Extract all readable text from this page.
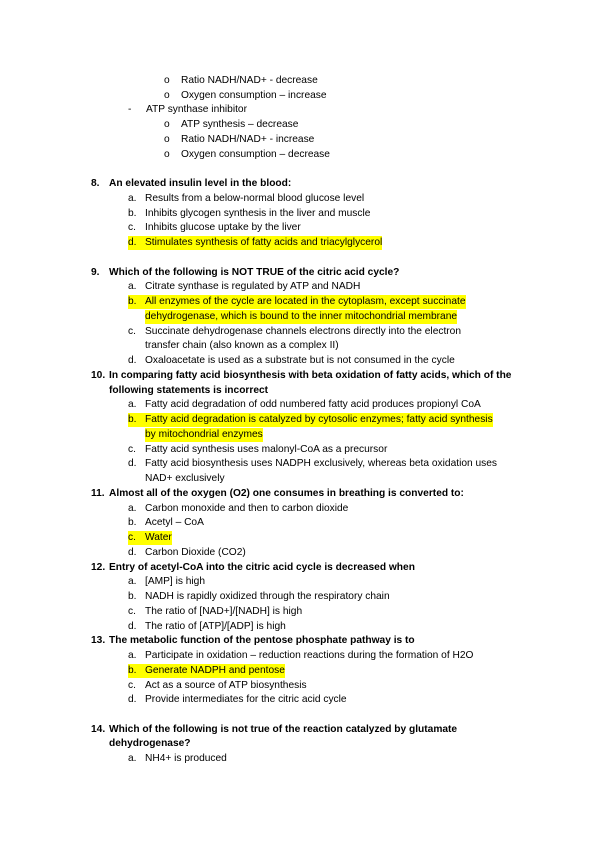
o Ratio NADH/NAD+ - decrease
o Oxygen consumption – increase
- ATP synthase inhibitor
o ATP synthesis – decrease
o Ratio NADH/NAD+ - increase
o Oxygen consumption – decrease
8. An elevated insulin level in the blood:
a. Results from a below-normal blood glucose level
b. Inhibits glycogen synthesis in the liver and muscle
c. Inhibits glucose uptake by the liver
d. Stimulates synthesis of fatty acids and triacylglycerol
9. Which of the following is NOT TRUE of the citric acid cycle?
a. Citrate synthase is regulated by ATP and NADH
b. All enzymes of the cycle are located in the cytoplasm, except succinate
dehydrogenase, which is bound to the inner mitochondrial membrane
c. Succinate dehydrogenase channels electrons directly into the electron
transfer chain (also known as a complex II)
d. Oxaloacetate is used as a substrate but is not consumed in the cycle
10. In comparing fatty acid biosynthesis with beta oxidation of fatty acids, which of the
following statements is incorrect
a. Fatty acid degradation of odd numbered fatty acid produces propionyl CoA
b. Fatty acid degradation is catalyzed by cytosolic enzymes; fatty acid synthesis
by mitochondrial enzymes
c. Fatty acid synthesis uses malonyl-CoA as a precursor
d. Fatty acid biosynthesis uses NADPH exclusively, whereas beta oxidation uses
NAD+ exclusively
11. Almost all of the oxygen (O2) one consumes in breathing is converted to:
a. Carbon monoxide and then to carbon dioxide
b. Acetyl – CoA
c. Water
d. Carbon Dioxide (CO2)
12. Entry of acetyl-CoA into the citric acid cycle is decreased when
a. [AMP] is high
b. NADH is rapidly oxidized through the respiratory chain
c. The ratio of [NAD+]/[NADH] is high
d. The ratio of [ATP]/[ADP] is high
13. The metabolic function of the pentose phosphate pathway is to
a. Participate in oxidation – reduction reactions during the formation of H2O
b. Generate NADPH and pentose
c. Act as a source of ATP biosynthesis
d. Provide intermediates for the citric acid cycle
14. Which of the following is not true of the reaction catalyzed by glutamate
dehydrogenase?
a. NH4+ is produced
